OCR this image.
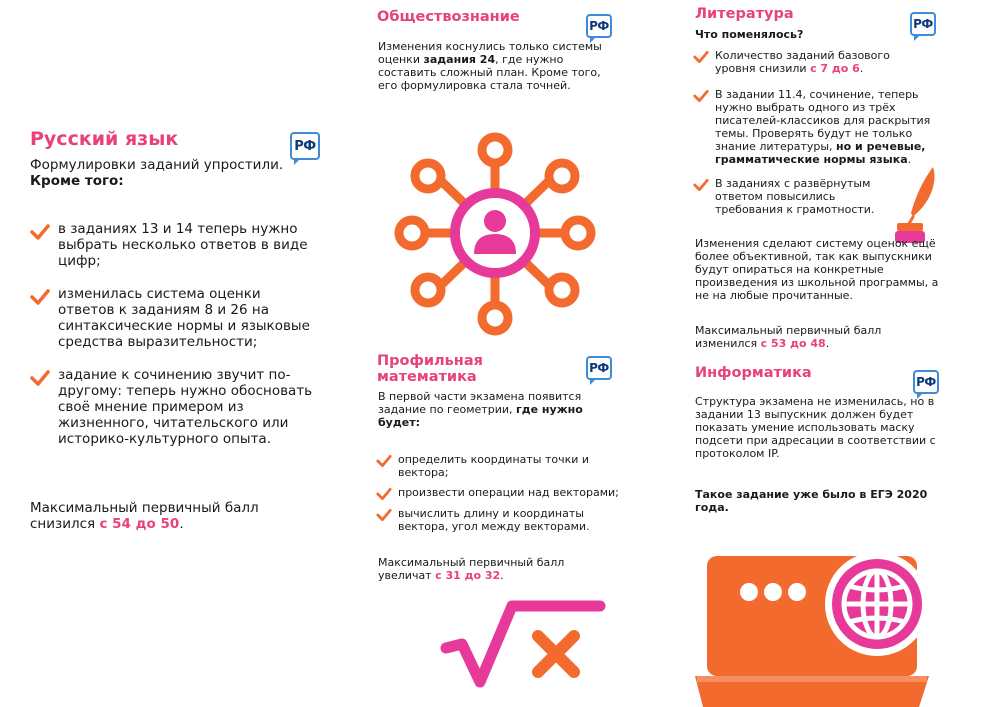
Русский язык	РФ
Формулировки заданий упростили.
Кроме того:
в заданиях 13 и 14 теперь нужно выбрать несколько ответов в виде цифр;
изменилась система оценки ответов к заданиям 8 и 26 на синтаксические нормы и языковые средства выразительности;
задание к сочинению звучит по-другому: теперь нужно обосновать своё мнение примером из жизненного, читательского или историко-культурного опыта.
Максимальный первичный балл снизился с 54 до 50.
Обществознание
РФ
Изменения коснулись только системы оценки задания 24, где нужно составить сложный план. Кроме того, его формулировка стала точней.
Профильная
математика
РФ
В первой части экзамена появится задание по геометрии, где нужно будет:
определить координаты точки и вектора;
произвести операции над векторами;
вычислить длину и координаты вектора, угол между векторами.
Максимальный первичный балл увеличат с 31 до 32.
Литература
РФ
Что поменялось?
Количество заданий базового уровня снизили с 7 до 6.
В задании 11.4, сочинение, теперь нужно выбрать одного из трёх писателей-классиков для раскрытия темы. Проверять будут не только знание литературы, но и речевые, грамматические нормы языка.
В заданиях с развёрнутым ответом повысились требования к грамотности.
Изменения сделают систему оценок ещё более объективной, так как выпускники будут опираться на конкретные произведения из школьной программы, а не на любые прочитанные.
Максимальный первичный балл изменился с 53 до 48.
Информатика
РФ
Структура экзамена не изменилась, но в задании 13 выпускник должен будет показать умение использовать маску подсети при адресации в соответствии с протоколом IP.
Такое задание уже было в ЕГЭ 2020 года.
